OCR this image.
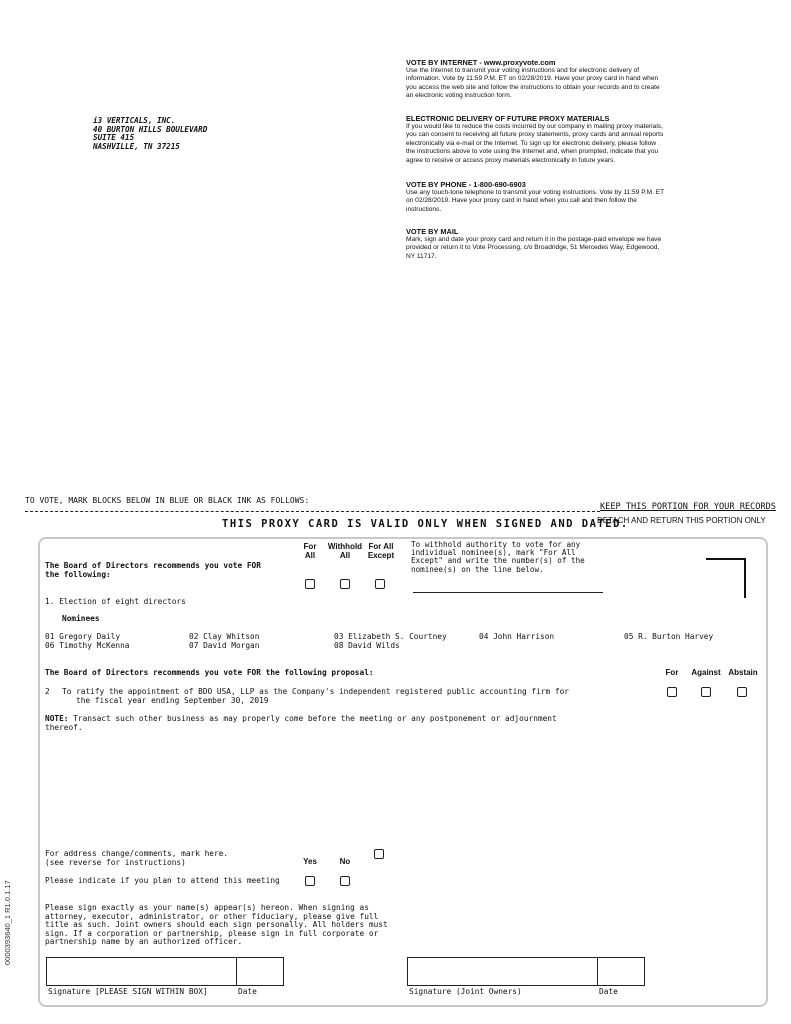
i3 VERTICALS, INC.
40 BURTON HILLS BOULEVARD
SUITE 415
NASHVILLE, TN 37215
VOTE BY INTERNET - www.proxyvote.com

Use the Internet to transmit your voting instructions and for electronic delivery of

information. Vote by 11:59 P.M. ET on 02/28/2019. Have your proxy card in hand when

you access the web site and follow the instructions to obtain your records and to create

an electronic voting instruction form.

ELECTRONIC DELIVERY OF FUTURE PROXY MATERIALS

If you would like to reduce the costs incurred by our company in mailing proxy materials,

you can consent to receiving all future proxy statements, proxy cards and annual reports

electronically via e-mail or the Internet. To sign up for electronic delivery, please follow

the instructions above to vote using the Internet and, when prompted, indicate that you

agree to receive or access proxy materials electronically in future years.

VOTE BY PHONE - 1-800-690-6903

Use any touch-tone telephone to transmit your voting instructions. Vote by 11:59 P.M. ET

on 02/28/2019. Have your proxy card in hand when you call and then follow the

instructions.

VOTE BY MAIL

Mark, sign and date your proxy card and return it in the postage-paid envelope we have

provided or return it to Vote Processing, c/o Broadridge, 51 Mercedes Way, Edgewood,

NY 11717.

TO VOTE, MARK BLOCKS BELOW IN BLUE OR BLACK INK AS FOLLOWS:
KEEP THIS PORTION FOR YOUR RECORDS
THIS PROXY CARD IS VALID ONLY WHEN SIGNED AND DATED.
DETACH AND RETURN THIS PORTION ONLY
The Board of Directors recommends you vote FOR
the following:
For
All
Withhold
All
For All
Except
To withhold authority to vote for any
individual nominee(s), mark "For All
Except" and write the number(s) of the
nominee(s) on the line below.
1. Election of eight directors
Nominees
01 Gregory Daily	02 Clay Whitson	03 Elizabeth S. Courtney	04 John Harrison	05 R. Burton Harvey
06 Timothy McKenna	07 David Morgan	08 David Wilds
The Board of Directors recommends you vote FOR the following proposal:	For	Against Abstain
2 To ratify the appointment of BDO USA, LLP as the Company's independent registered public accounting firm for
the fiscal year ending September 30, 2019
NOTE: Transact such other business as may properly come before the meeting or any postponement or adjournment
thereof.
For address change/comments, mark here.
(see reverse for instructions)	Yes	No
Please indicate if you plan to attend this meeting
Please sign exactly as your name(s) appear(s) hereon. When signing as
attorney, executor, administrator, or other fiduciary, please give full
title as such. Joint owners should each sign personally. All holders must
sign. If a corporation or partnership, please sign in full corporate or
partnership name by an authorized officer.
Signature [PLEASE SIGN WITHIN BOX]	Date	Signature (Joint Owners)	Date
0000393640_1 R1.0.1.17
